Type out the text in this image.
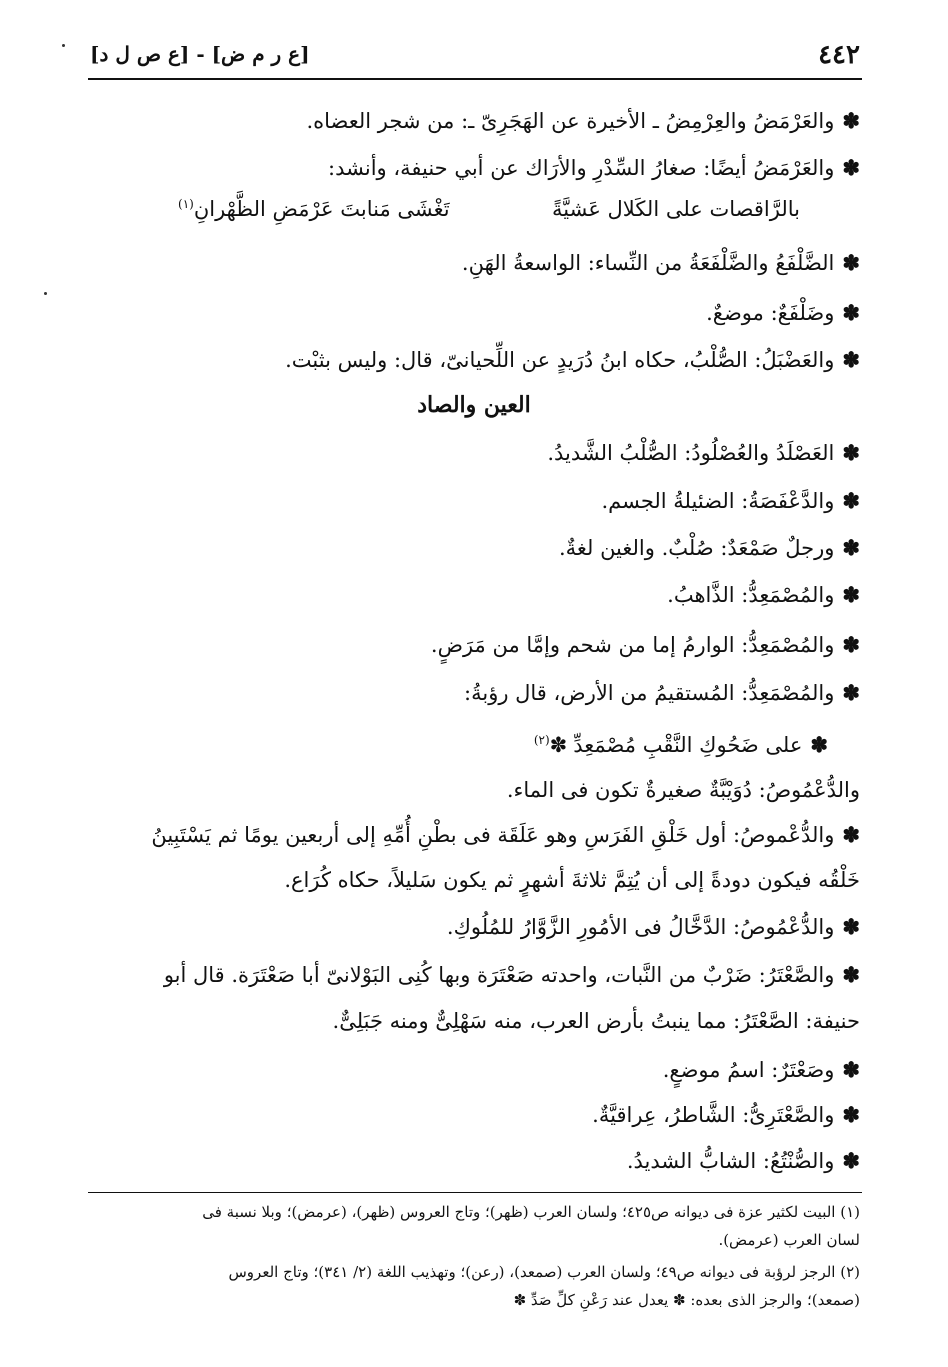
٤٤٢
[ع ر م ض] - [ع ص ل د]
✽والعَرْمَضُ والعِرْمِضُ ـ الأخيرة عن الهَجَرِىّ ـ: من شجر العضاه.
✽والعَرْمَضُ أيضًا: صغارُ السِّدْرِ والأرَاك عن أبي حنيفة، وأنشد:
بالرَّاقصات على الكَلال عَشيَّةً
تَغْشَى مَنابتَ عَرْمَضِ الظَّهْرانِ$^{(١)}$
✽الضَّلْفَعُ والضَّلْفَعَةُ من النِّساء: الواسعةُ الهَنِ.
✽وضَلْفَعٌ: موضعٌ.
✽والعَضْبَلُ: الصُّلْبُ، حكاه ابنُ دُرَيدٍ عن اللِّحيانىّ، قال: وليس بثبْت.
العين والصاد
✽العَصْلَدُ والعُصْلُودُ: الصُّلْبُ الشَّديدُ.
✽والدَّعْفَصَةُ: الضئيلةُ الجسم.
✽ورجلٌ صَمْعَدٌ: صُلْبٌ. والغين لغةٌ.
✽والمُصْمَعِدُّ: الذَّاهبُ.
✽والمُصْمَعِدُّ: الوارمُ إما من شحم وإمَّا من مَرَضٍ.
✽والمُصْمَعِدُّ: المُستقيمُ من الأرض، قال رؤبةُ:
✽على ضَحُوكِ النَّقْبِ مُصْمَعِدِّ✽$^{(٢)}$
والدُّعْمُوصُ: دُوَيْبَّةٌ صغيرةٌ تكون فى الماء.
✽والدُّعْموصُ: أول خَلْقِ الفَرَسِ وهو عَلَقَة فى بطْنِ أُمِّهِ إلى أربعين يومًا ثم يَسْتَبِينُ
خَلْقُه فيكون دودةً إلى أن يُتِمَّ ثلاثةَ أشهرٍ ثم يكون سَليلاً، حكاه كُرَاع.
✽والدُّعْمُوصُ: الدَّخَّالُ فى الأمُورِ الزَّوَّارُ للمُلُوكِ.
✽والصَّعْتَرُ: ضَرْبٌ من النَّبات، واحدته صَعْتَرَة وبها كُنِى البَوْلانىّ أبا صَعْتَرَة. قال أبو
حنيفة: الصَّعْتَرُ: مما ينبتُ بأرض العرب، منه سَهْلِىٌّ ومنه جَبَلِىٌّ.
✽وصَعْتَرٌ: اسمُ موضعٍ.
✽والصَّعْتَرِىُّ: الشَّاطرُ، عِراقيَّةٌ.
✽والصُّنْتُعُ: الشابُّ الشديدُ.
(١) البيت لكثير عزة فى ديوانه ص٤٢٥؛ ولسان العرب (ظهر)؛ وتاج العروس (ظهر)، (عرمض)؛ وبلا نسبة فى
لسان العرب (عرمض).
(٢) الرجز لرؤبة فى ديوانه ص٤٩؛ ولسان العرب (صمعد)، (رعن)؛ وتهذيب اللغة (٢/ ٣٤١)؛ وتاج العروس
(صمعد)؛ والرجز الذى بعده: ✽ يعدل عند رَعْنِ كلِّ صَدِّ ✽
